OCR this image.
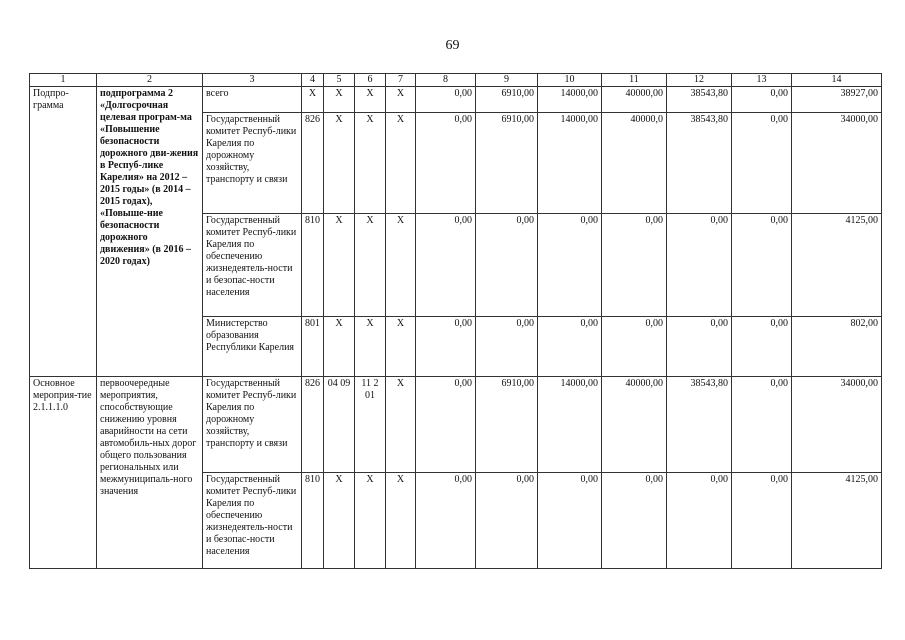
69
1	2	3	4	5	6	7	8	9	10	11	12	13	14
Подпро-
грамма	подпрограмма 2 «Долгосрочная целевая програм-ма «Повышение безопасности дорожного дви-жения в Респуб-лике Карелия» на 2012 – 2015 годы» (в 2014 – 2015 годах), «Повыше-ние безопасности дорожного движения» (в 2016 – 2020 годах)	всего	Х	Х	Х	Х	0,00	6910,00	14000,00	40000,00	38543,80	0,00	38927,00
		Государственный комитет Респуб-лики Карелия по дорожному хозяйству, транспорту и связи	826	Х	Х	Х	0,00	6910,00	14000,00	40000,0	38543,80	0,00	34000,00
		Государственный комитет Респуб-лики Карелия по обеспечению жизнедеятель-ности и безопас-ности населения	810	Х	Х	Х	0,00	0,00	0,00	0,00	0,00	0,00	4125,00
		Министерство образования Республики Карелия	801	Х	Х	Х	0,00	0,00	0,00	0,00	0,00	0,00	802,00
Основное мероприя-тие 2.1.1.1.0	первоочередные мероприятия, способствующие снижению уровня аварийности на сети автомобиль-ных дорог общего пользования региональных или межмуниципаль-ного значения	Государственный комитет Респуб-лики Карелия по дорожному хозяйству, транспорту и связи	826	04 09	11 2 01	Х	0,00	6910,00	14000,00	40000,00	38543,80	0,00	34000,00
		Государственный комитет Респуб-лики Карелия по обеспечению жизнедеятель-ности и безопас-ности населения	810	Х	Х	Х	0,00	0,00	0,00	0,00	0,00	0,00	4125,00
